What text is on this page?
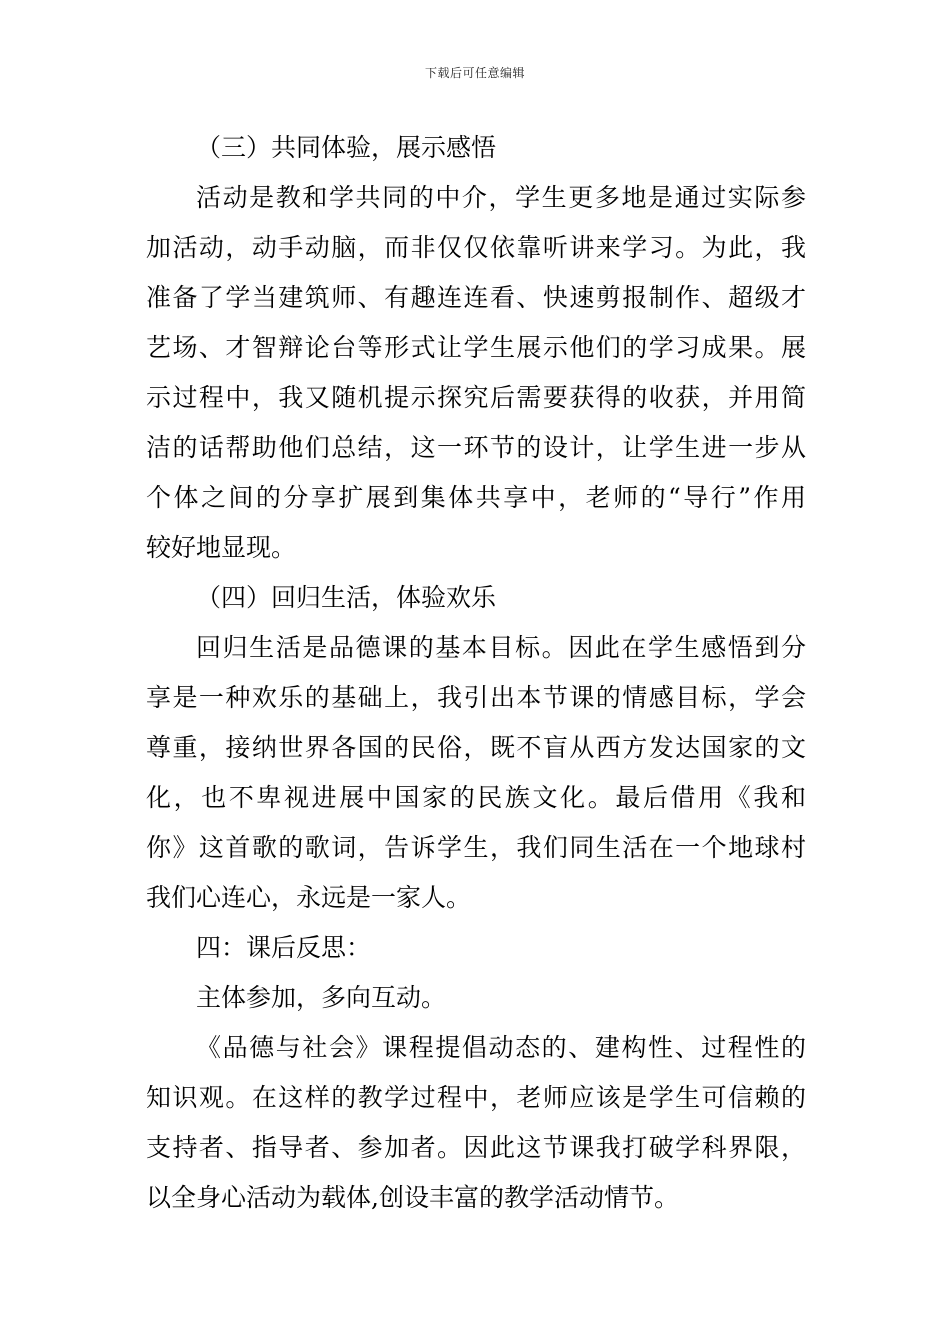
下载后可任意编辑
（三）共同体验，展示感悟
活动是教和学共同的中介，学生更多地是通过实际参
加活动，动手动脑，而非仅仅依靠听讲来学习。为此，我
准备了学当建筑师、有趣连连看、快速剪报制作、超级才
艺场、才智辩论台等形式让学生展示他们的学习成果。展
示过程中，我又随机提示探究后需要获得的收获，并用简
洁的话帮助他们总结，这一环节的设计，让学生进一步从
个体之间的分享扩展到集体共享中，老师的“导行”作用
较好地显现。
（四）回归生活，体验欢乐
回归生活是品德课的基本目标。因此在学生感悟到分
享是一种欢乐的基础上，我引出本节课的情感目标，学会
尊重，接纳世界各国的民俗，既不盲从西方发达国家的文
化，也不卑视进展中国家的民族文化。最后借用《我和
你》这首歌的歌词，告诉学生，我们同生活在一个地球村
我们心连心，永远是一家人。
四：课后反思：
主体参加，多向互动。
《品德与社会》课程提倡动态的、建构性、过程性的
知识观。在这样的教学过程中，老师应该是学生可信赖的
支持者、指导者、参加者。因此这节课我打破学科界限，
以全身心活动为载体,创设丰富的教学活动情节。
